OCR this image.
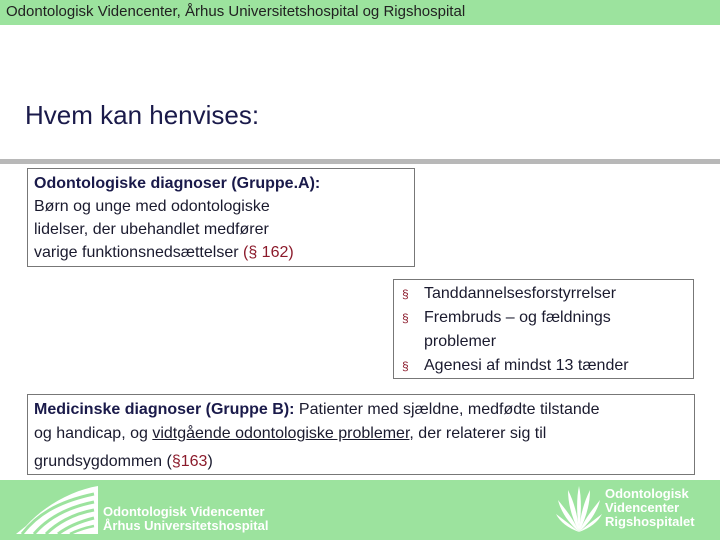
Odontologisk Videncenter, Århus Universitetshospital og Rigshospital
Hvem kan henvises:
Odontologiske diagnoser (Gruppe.A):
Børn og unge med odontologiske
lidelser, der ubehandlet medfører
varige funktionsnedsættelser (§ 162)
§ Tanddannelsesforstyrrelser
§ Frembruds – og fældnings
problemer
§ Agenesi af mindst 13 tænder
Medicinske diagnoser (Gruppe B): Patienter med sjældne, medfødte tilstande
og handicap, og vidtgående odontologiske problemer, der relaterer sig til
grundsygdommen (§163)
Odontologisk Videncenter
Århus Universitetshospital
Odontologisk
Videncenter
Rigshospitalet
